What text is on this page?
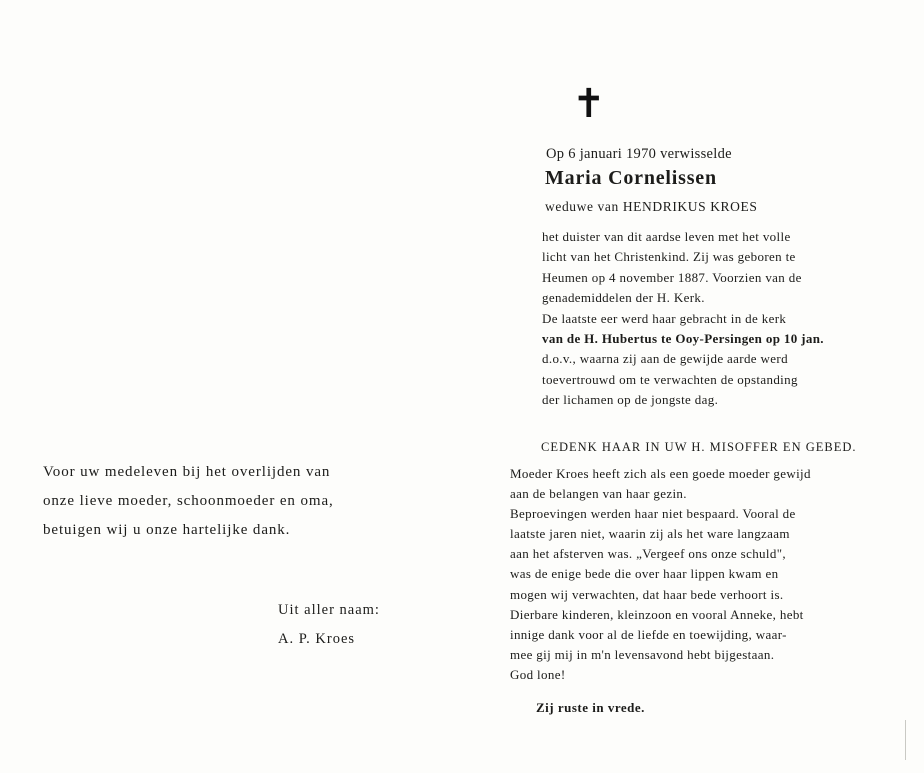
✝
Op 6 januari 1970 verwisselde
Maria Cornelissen
weduwe van HENDRIKUS KROES
het duister van dit aardse leven met het volle
licht van het Christenkind. Zij was geboren te
Heumen op 4 november 1887. Voorzien van de
genademiddelen der H. Kerk.
De laatste eer werd haar gebracht in de kerk
van de H. Hubertus te Ooy-Persingen op 10 jan.
d.o.v., waarna zij aan de gewijde aarde werd
toevertrouwd om te verwachten de opstanding
der lichamen op de jongste dag.
CEDENK HAAR IN UW H. MISOFFER EN GEBED.
Moeder Kroes heeft zich als een goede moeder gewijd
aan de belangen van haar gezin.
Beproevingen werden haar niet bespaard. Vooral de
laatste jaren niet, waarin zij als het ware langzaam
aan het afsterven was. „Vergeef ons onze schuld",
was de enige bede die over haar lippen kwam en
mogen wij verwachten, dat haar bede verhoort is.
Dierbare kinderen, kleinzoon en vooral Anneke, hebt
innige dank voor al de liefde en toewijding, waar-
mee gij mij in m'n levensavond hebt bijgestaan.
God lone!
Zij ruste in vrede.
Voor uw medeleven bij het overlijden van
onze lieve moeder, schoonmoeder en oma,
betuigen wij u onze hartelijke dank.
Uit aller naam:
A. P. Kroes
